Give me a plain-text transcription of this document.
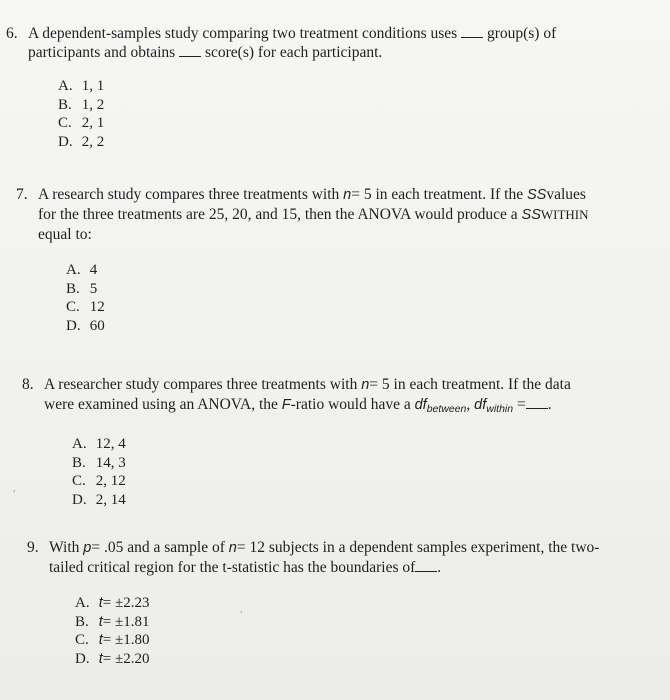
6. A dependent-samples study comparing two treatment conditions uses group(s) of
participants and obtains score(s) for each participant.
A. 1, 1
B. 1, 2
C. 2, 1
D. 2, 2
7. A research study compares three treatments with n= 5 in each treatment. If the SSvalues
for the three treatments are 25, 20, and 15, then the ANOVA would produce a SSWITHIN
equal to:
A. 4
B. 5
C. 12
D. 60
8. A researcher study compares three treatments with n= 5 in each treatment. If the data
were examined using an ANOVA, the F-ratio would have a $df_{between}$, $df_{within}$ = .
A. 12, 4
B. 14, 3
C. 2, 12
D. 2, 14
9. With p= .05 and a sample of n= 12 subjects in a dependent samples experiment, the two-
tailed critical region for the t-statistic has the boundaries of .
A. t= ±2.23
B. t= ±1.81
C. t= ±1.80
D. t= ±2.20
,
,
